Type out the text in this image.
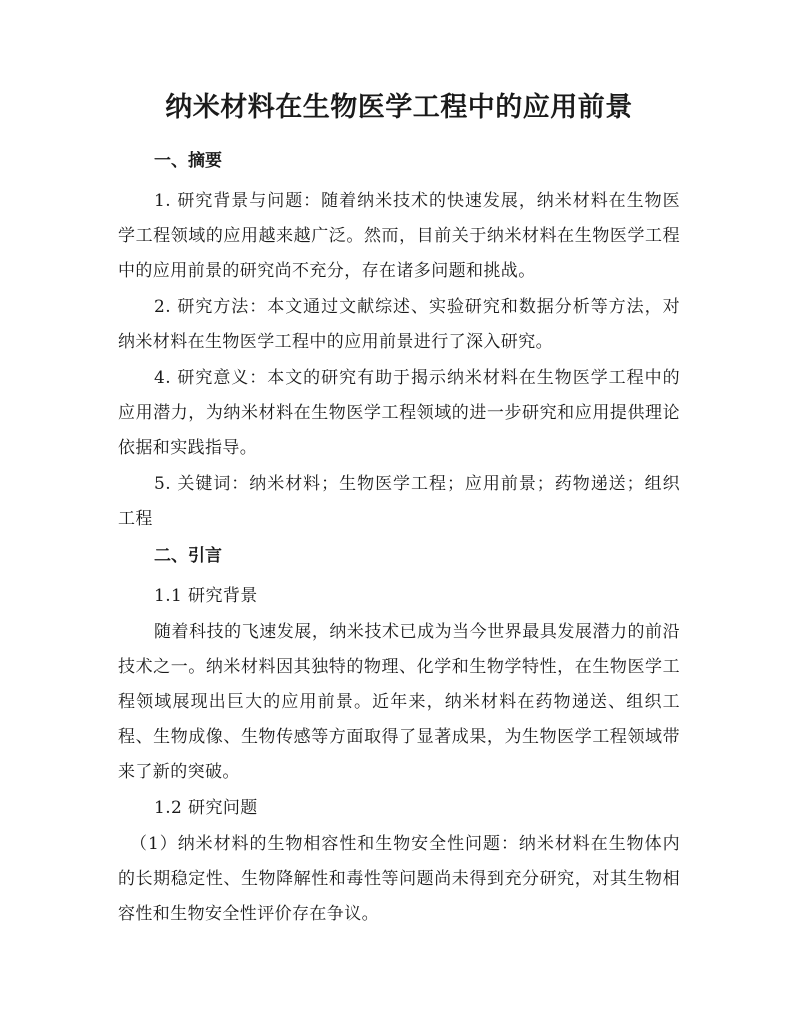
纳米材料在生物医学工程中的应用前景
一、摘要

1. 研究背景与问题：随着纳米技术的快速发展，纳米材料在生物医学工程领域的应用越来越广泛。然而，目前关于纳米材料在生物医学工程中的应用前景的研究尚不充分，存在诸多问题和挑战。

2. 研究方法：本文通过文献综述、实验研究和数据分析等方法，对纳米材料在生物医学工程中的应用前景进行了深入研究。

4. 研究意义：本文的研究有助于揭示纳米材料在生物医学工程中的应用潜力，为纳米材料在生物医学工程领域的进一步研究和应用提供理论依据和实践指导。

5. 关键词：纳米材料；生物医学工程；应用前景；药物递送；组织工程

二、引言
1.1 研究背景

随着科技的飞速发展，纳米技术已成为当今世界最具发展潜力的前沿技术之一。纳米材料因其独特的物理、化学和生物学特性，在生物医学工程领域展现出巨大的应用前景。近年来，纳米材料在药物递送、组织工程、生物成像、生物传感等方面取得了显著成果，为生物医学工程领域带来了新的突破。

1.2 研究问题

（1）纳米材料的生物相容性和生物安全性问题：纳米材料在生物体内的长期稳定性、生物降解性和毒性等问题尚未得到充分研究，对其生物相容性和生物安全性评价存在争议。
